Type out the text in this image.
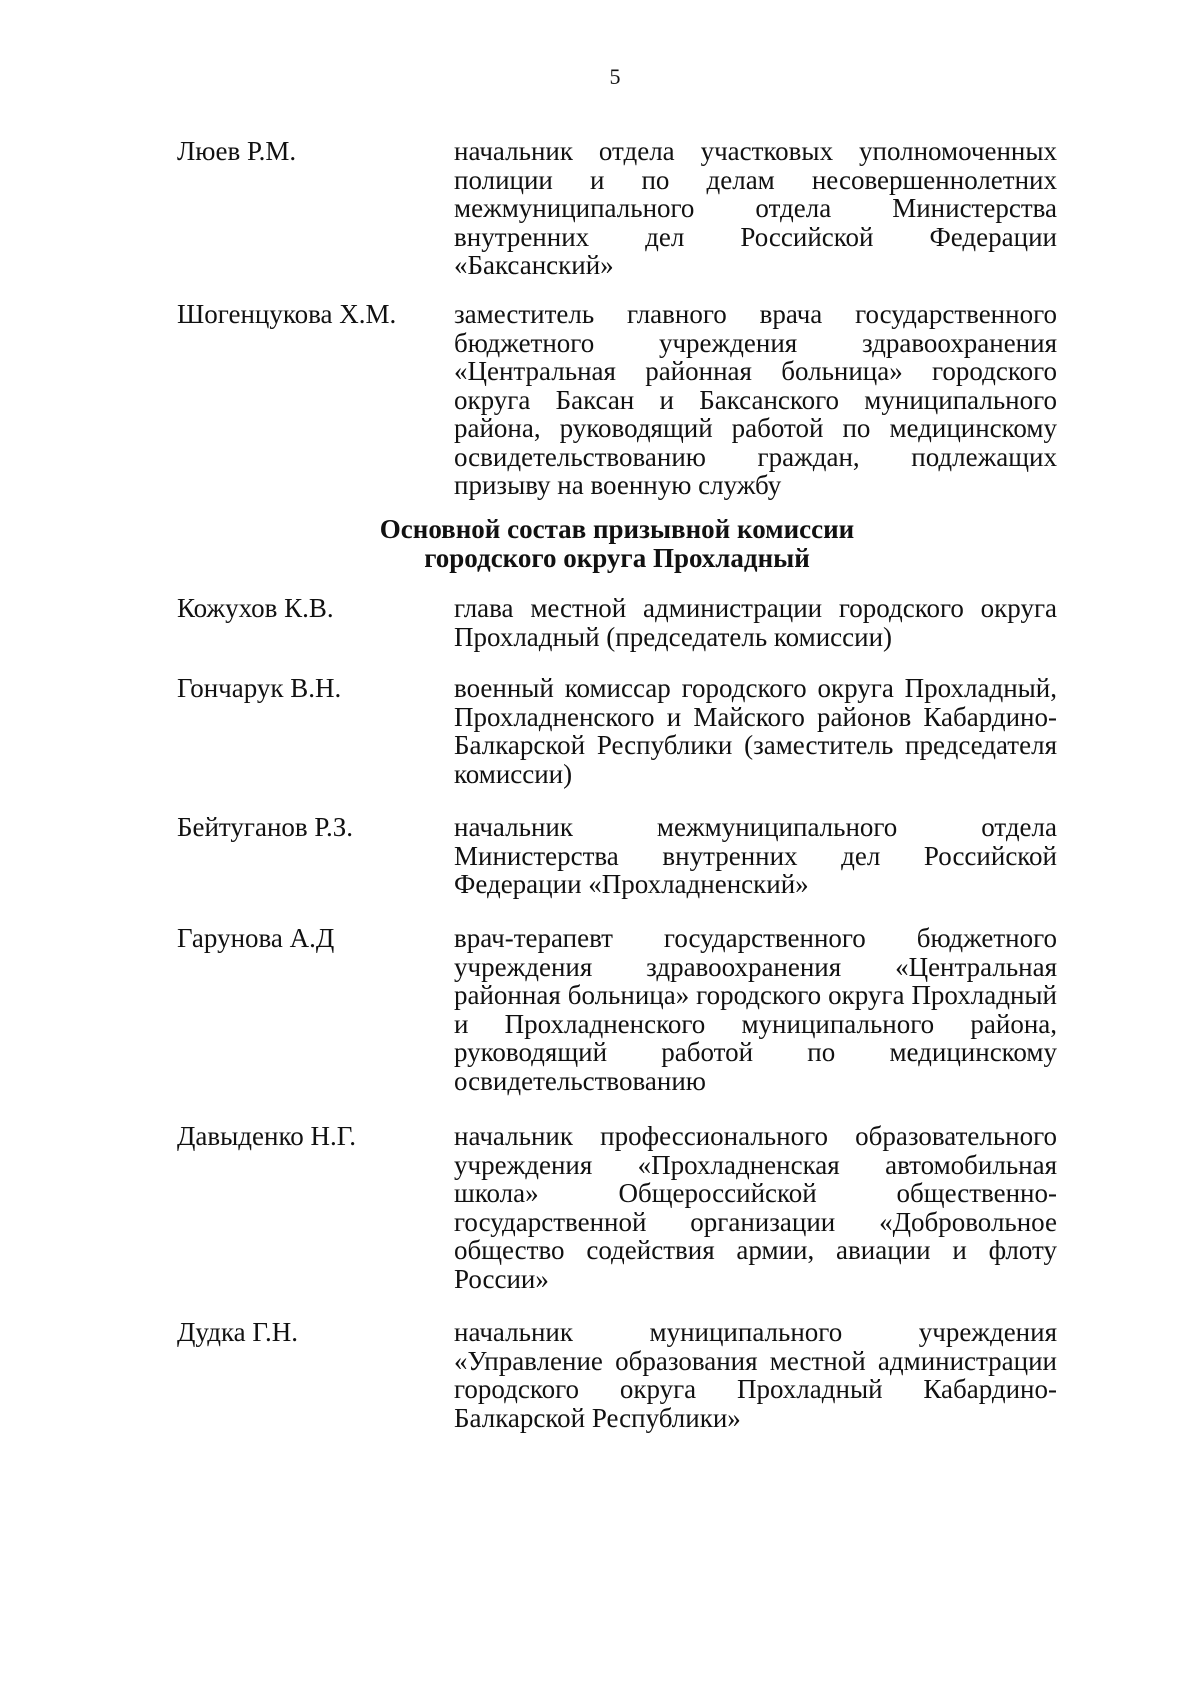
5
Люев Р.М.	начальник отдела участковых уполномоченных полиции и по делам несовершеннолетних межмуниципального отдела Министерства внутренних дел Российской Федерации «Баксанский»
Шогенцукова Х.М.	заместитель главного врача государственного бюджетного учреждения здравоохранения «Центральная районная больница» городского округа Баксан и Баксанского муниципального района, руководящий работой по медицинскому освидетельствованию граждан, подлежащих призыву на военную службу
Основной состав призывной комиссии
городского округа Прохладный
Кожухов К.В.	глава местной администрации городского округа Прохладный (председатель комиссии)
Гончарук В.Н.	военный комиссар городского округа Прохладный, Прохладненского и Майского районов Кабардино-Балкарской Республики (заместитель председателя комиссии)
Бейтуганов Р.З.	начальник межмуниципального отдела Министерства внутренних дел Российской Федерации «Прохладненский»
Гарунова А.Д	врач-терапевт государственного бюджетного учреждения здравоохранения «Центральная районная больница» городского округа Прохладный и Прохладненского муниципального района, руководящий работой по медицинскому освидетельствованию
Давыденко Н.Г.	начальник профессионального образовательного учреждения «Прохладненская автомобильная школа» Общероссийской общественно-государственной организации «Добровольное общество содействия армии, авиации и флоту России»
Дудка Г.Н.	начальник муниципального учреждения «Управление образования местной администрации городского округа Прохладный Кабардино-Балкарской Республики»
